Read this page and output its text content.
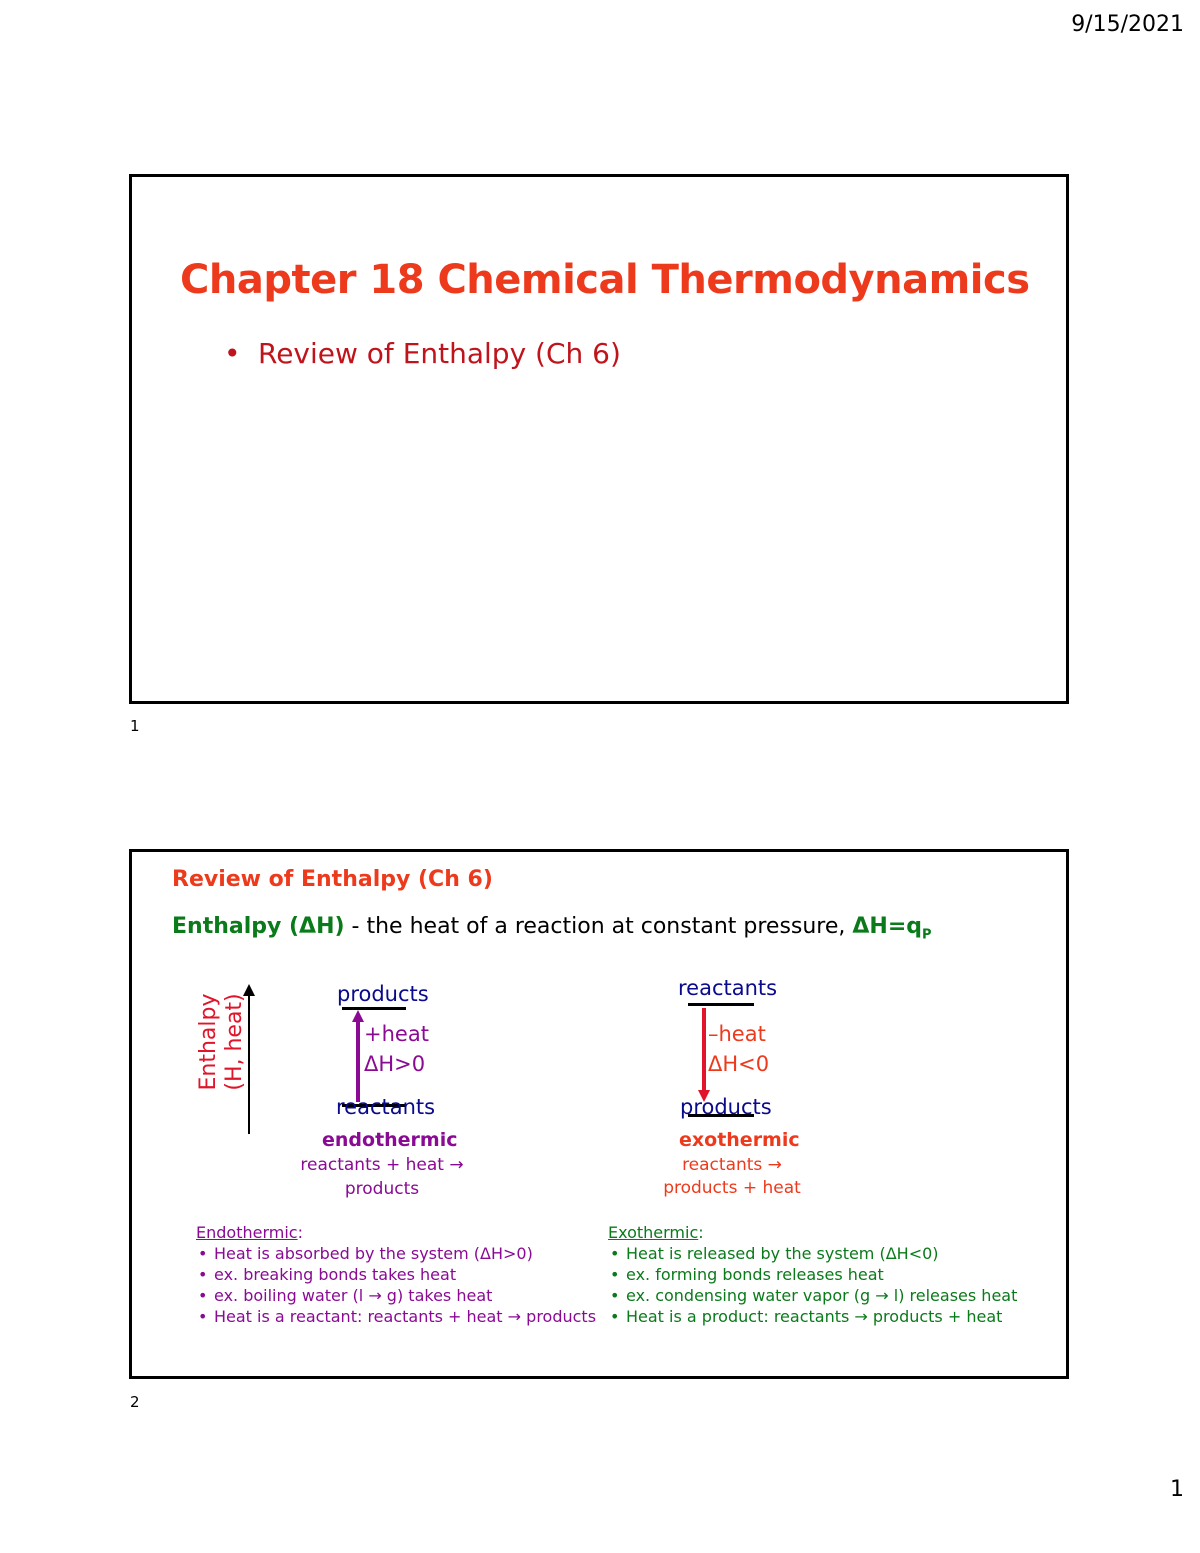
9/15/2021
Chapter 18 Chemical Thermodynamics
• Review of Enthalpy (Ch 6)
1
Review of Enthalpy (Ch 6)
Enthalpy (ΔH) - the heat of a reaction at constant pressure, $\Delta H=q_P$
Enthalpy (H, heat)	products
+heat
ΔH>0
reactants
endothermic
reactants + heat →
products
reactants
–heat
ΔH<0
products
exothermic
reactants →
products + heat
Endothermic:
• Heat is absorbed by the system (ΔH>0)
• ex. breaking bonds takes heat
• ex. boiling water (l → g) takes heat
• Heat is a reactant: reactants + heat → products
Exothermic:
• Heat is released by the system (ΔH<0)
• ex. forming bonds releases heat
• ex. condensing water vapor (g → l) releases heat
• Heat is a product: reactants → products + heat
2
1
